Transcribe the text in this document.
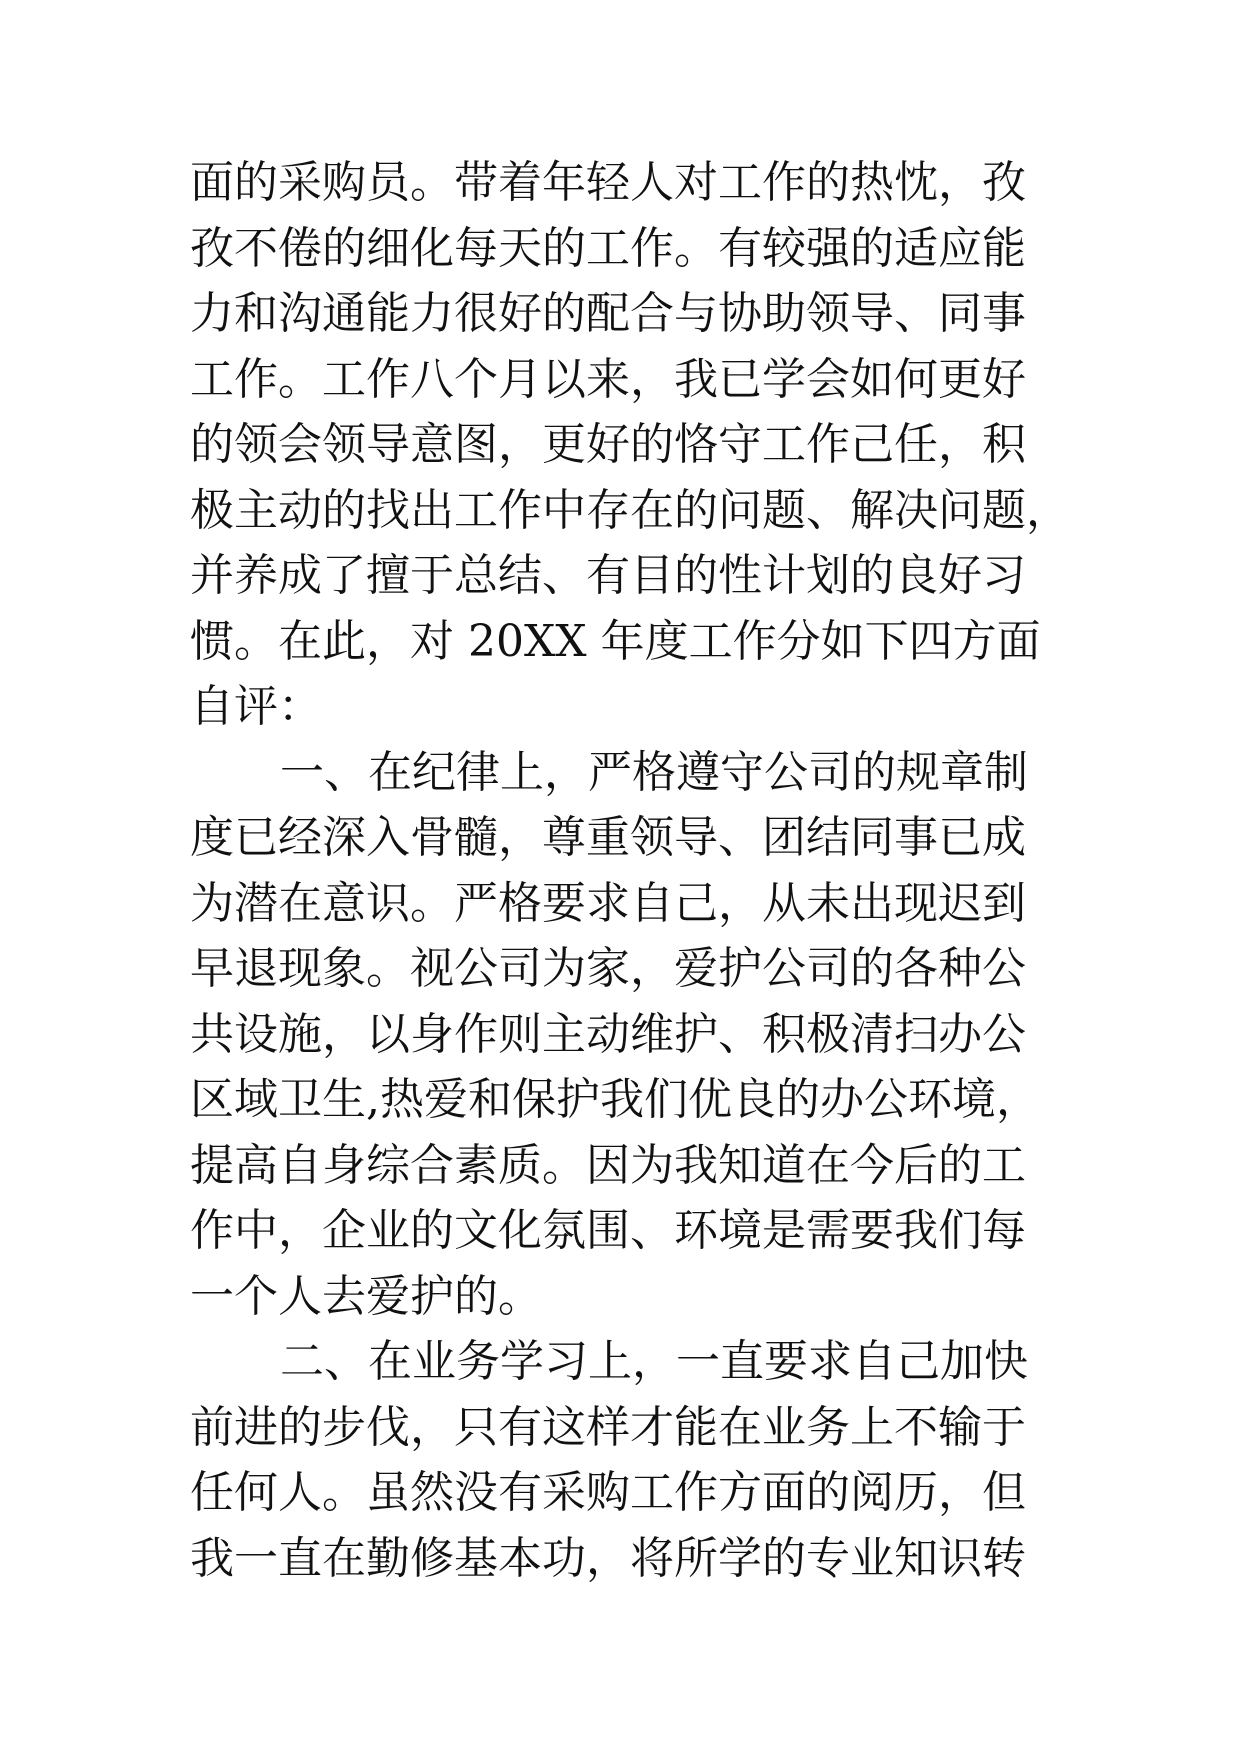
面的采购员。带着年轻人对工作的热忱，孜
孜不倦的细化每天的工作。有较强的适应能
力和沟通能力很好的配合与协助领导、同事
工作。工作八个月以来，我已学会如何更好
的领会领导意图，更好的恪守工作己任，积
极主动的找出工作中存在的问题、解决问题，
并养成了擅于总结、有目的性计划的良好习
惯。在此，对 20XX 年度工作分如下四方面
自评：
一、在纪律上，严格遵守公司的规章制
度已经深入骨髓，尊重领导、团结同事已成
为潜在意识。严格要求自己，从未出现迟到
早退现象。视公司为家，爱护公司的各种公
共设施，以身作则主动维护、积极清扫办公
区域卫生,热爱和保护我们优良的办公环境，
提高自身综合素质。因为我知道在今后的工
作中，企业的文化氛围、环境是需要我们每
一个人去爱护的。
二、在业务学习上，一直要求自己加快
前进的步伐，只有这样才能在业务上不输于
任何人。虽然没有采购工作方面的阅历，但
我一直在勤修基本功，将所学的专业知识转
